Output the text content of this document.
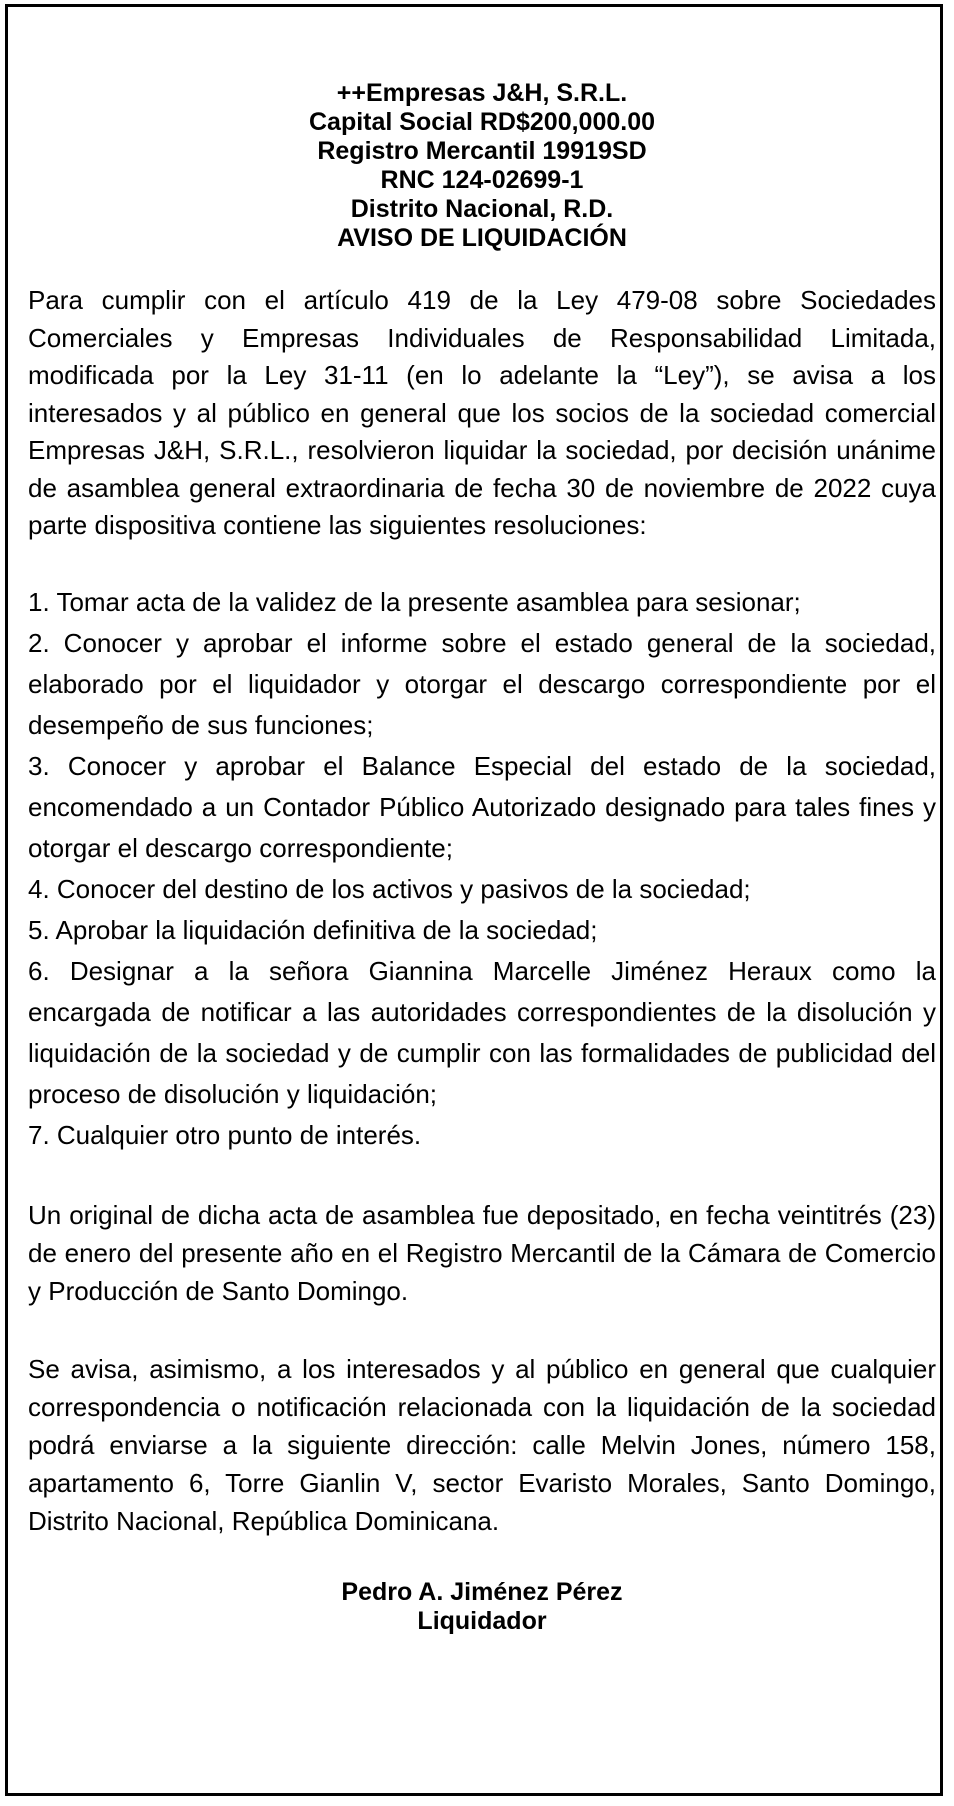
++Empresas J&H, S.R.L.
Capital Social RD$200,000.00
Registro Mercantil 19919SD
RNC 124-02699-1
Distrito Nacional, R.D.
AVISO DE LIQUIDACIÓN

Para cumplir con el artículo 419 de la Ley 479-08 sobre Sociedades Comerciales y Empresas Individuales de Responsabilidad Limitada, modificada por la Ley 31-11 (en lo adelante la “Ley”), se avisa a los interesados y al público en general que los socios de la sociedad comercial Empresas J&H, S.R.L., resolvieron liquidar la sociedad, por decisión unánime de asamblea general extraordinaria de fecha 30 de noviembre de 2022 cuya parte dispositiva contiene las siguientes resoluciones:

1. Tomar acta de la validez de la presente asamblea para sesionar;

2. Conocer y aprobar el informe sobre el estado general de la sociedad, elaborado por el liquidador y otorgar el descargo correspondiente por el desempeño de sus funciones;

3. Conocer y aprobar el Balance Especial del estado de la sociedad, encomendado a un Contador Público Autorizado designado para tales fines y otorgar el descargo correspondiente;

4. Conocer del destino de los activos y pasivos de la sociedad;

5. Aprobar la liquidación definitiva de la sociedad;

6. Designar a la señora Giannina Marcelle Jiménez Heraux como la encargada de notificar a las autoridades correspondientes de la disolución y liquidación de la sociedad y de cumplir con las formalidades de publicidad del proceso de disolución y liquidación;

7. Cualquier otro punto de interés.

Un original de dicha acta de asamblea fue depositado, en fecha veintitrés (23) de enero del presente año en el Registro Mercantil de la Cámara de Comercio y Producción de Santo Domingo.

Se avisa, asimismo, a los interesados y al público en general que cualquier correspondencia o notificación relacionada con la liquidación de la sociedad podrá enviarse a la siguiente dirección: calle Melvin Jones, número 158, apartamento 6, Torre Gianlin V, sector Evaristo Morales, Santo Domingo, Distrito Nacional, República Dominicana.

Pedro A. Jiménez Pérez
Liquidador
